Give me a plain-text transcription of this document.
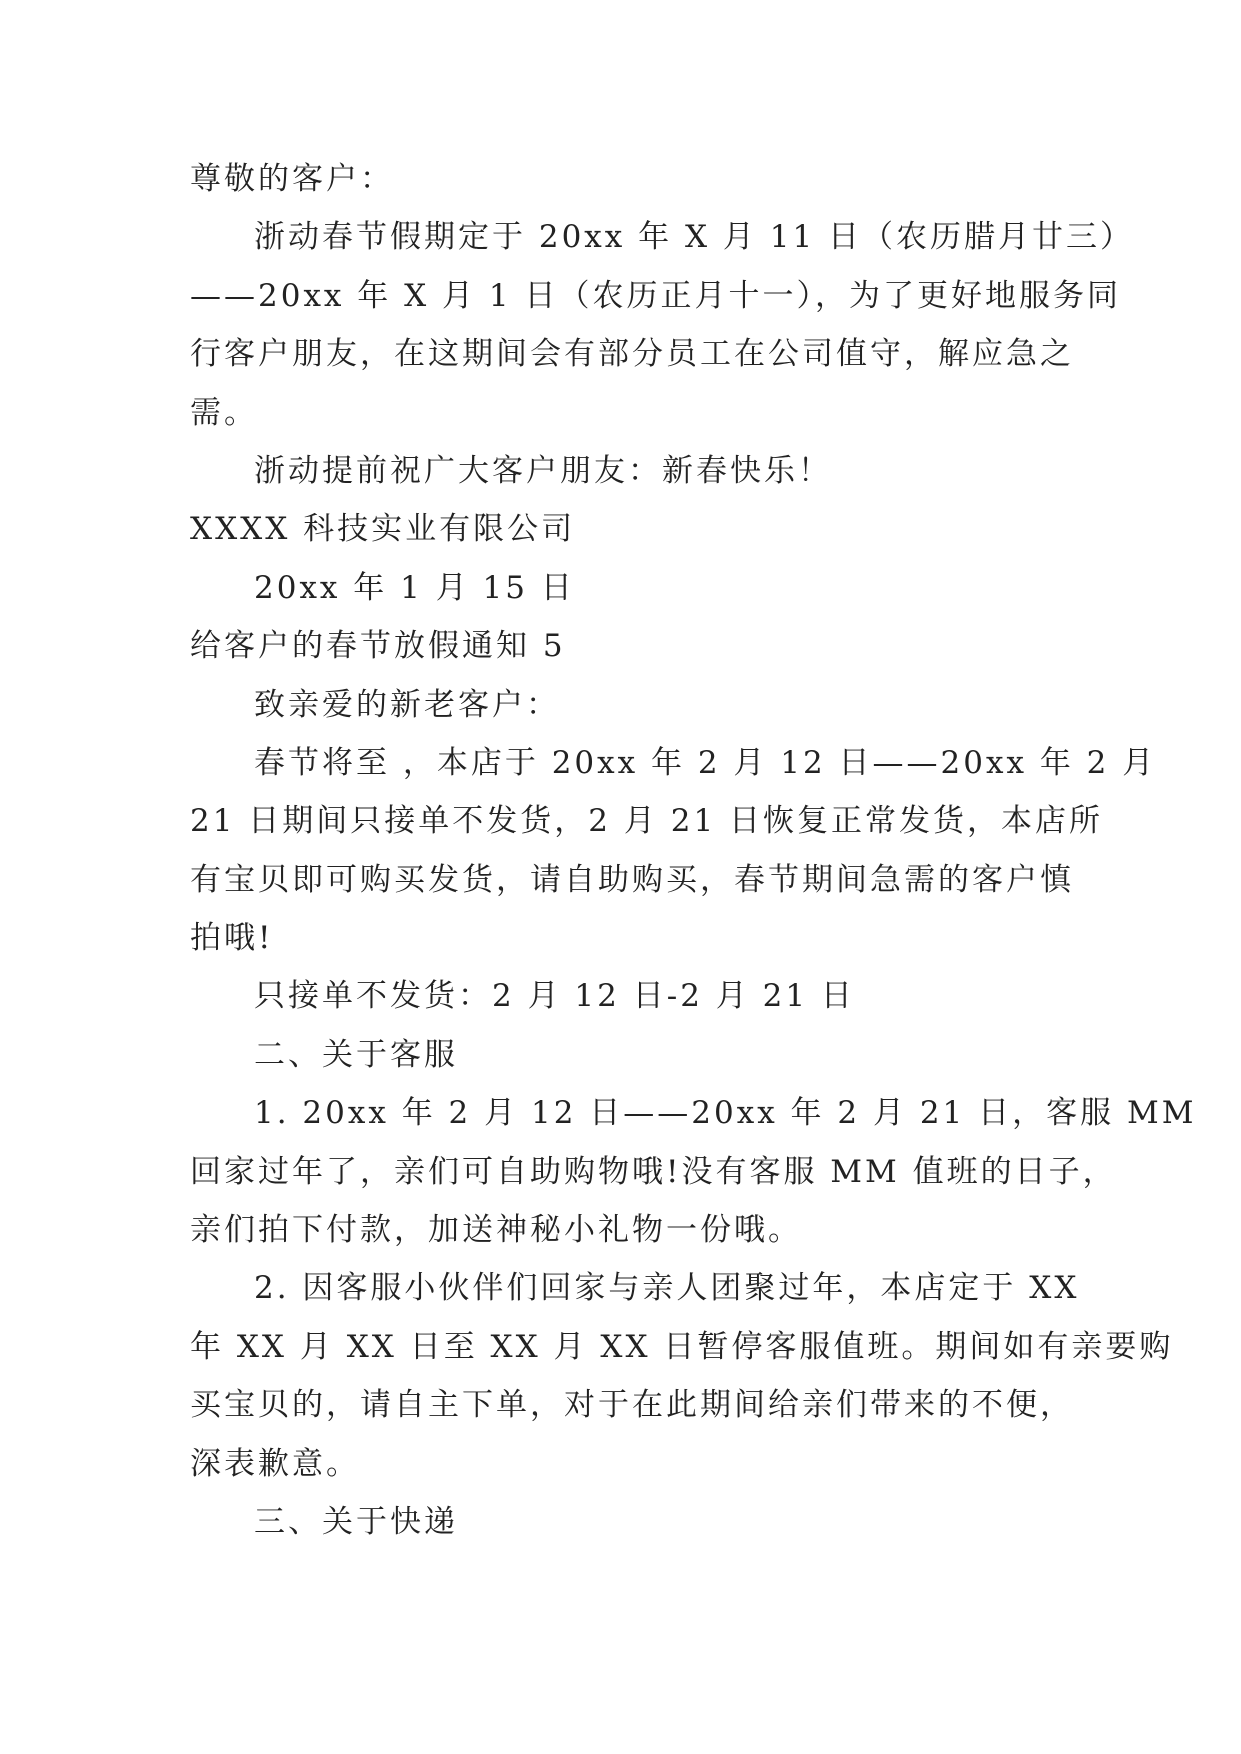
尊敬的客户：

浙动春节假期定于 20xx 年 X 月 11 日（农历腊月廿三）

——20xx 年 X 月 1 日（农历正月十一），为了更好地服务同

行客户朋友，在这期间会有部分员工在公司值守，解应急之

需。

浙动提前祝广大客户朋友：新春快乐！

XXXX 科技实业有限公司

20xx 年 1 月 15 日

给客户的春节放假通知 5

致亲爱的新老客户：

春节将至 ，本店于 20xx 年 2 月 12 日——20xx 年 2 月

21 日期间只接单不发货，2 月 21 日恢复正常发货，本店所

有宝贝即可购买发货，请自助购买，春节期间急需的客户慎

拍哦!

只接单不发货：2 月 12 日-2 月 21 日

二、关于客服

1. 20xx 年 2 月 12 日——20xx 年 2 月 21 日，客服 MM

回家过年了，亲们可自助购物哦!没有客服 MM 值班的日子，

亲们拍下付款，加送神秘小礼物一份哦。

2. 因客服小伙伴们回家与亲人团聚过年，本店定于 XX

年 XX 月 XX 日至 XX 月 XX 日暂停客服值班。期间如有亲要购

买宝贝的，请自主下单，对于在此期间给亲们带来的不便，

深表歉意。

三、关于快递
